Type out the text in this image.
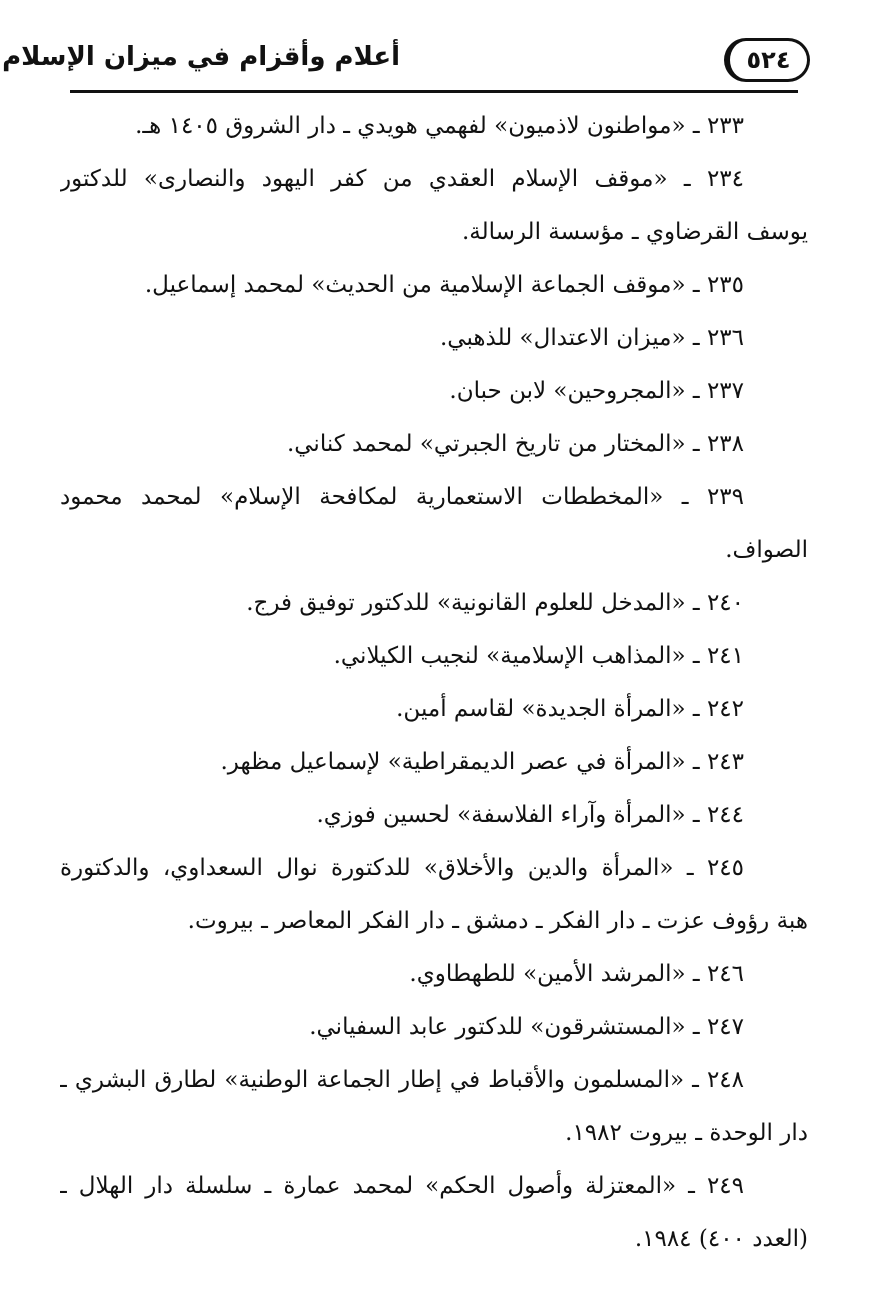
٥٢٤
أعلام وأقزام في ميزان الإسلام
٢٣٣ ـ «مواطنون لاذميون» لفهمي هويدي ـ دار الشروق ١٤٠٥ هـ.
٢٣٤ ـ «موقف الإسلام العقدي من كفر اليهود والنصارى» للدكتور
يوسف القرضاوي ـ مؤسسة الرسالة.
٢٣٥ ـ «موقف الجماعة الإسلامية من الحديث» لمحمد إسماعيل.
٢٣٦ ـ «ميزان الاعتدال» للذهبي.
٢٣٧ ـ «المجروحين» لابن حبان.
٢٣٨ ـ «المختار من تاريخ الجبرتي» لمحمد كناني.
٢٣٩ ـ «المخططات الاستعمارية لمكافحة الإسلام» لمحمد محمود
الصواف.
٢٤٠ ـ «المدخل للعلوم القانونية» للدكتور توفيق فرج.
٢٤١ ـ «المذاهب الإسلامية» لنجيب الكيلاني.
٢٤٢ ـ «المرأة الجديدة» لقاسم أمين.
٢٤٣ ـ «المرأة في عصر الديمقراطية» لإسماعيل مظهر.
٢٤٤ ـ «المرأة وآراء الفلاسفة» لحسين فوزي.
٢٤٥ ـ «المرأة والدين والأخلاق» للدكتورة نوال السعداوي، والدكتورة
هبة رؤوف عزت ـ دار الفكر ـ دمشق ـ دار الفكر المعاصر ـ بيروت.
٢٤٦ ـ «المرشد الأمين» للطهطاوي.
٢٤٧ ـ «المستشرقون» للدكتور عابد السفياني.
٢٤٨ ـ «المسلمون والأقباط في إطار الجماعة الوطنية» لطارق البشري ـ
دار الوحدة ـ بيروت ١٩٨٢.
٢٤٩ ـ «المعتزلة وأصول الحكم» لمحمد عمارة ـ سلسلة دار الهلال ـ
(العدد ٤٠٠) ١٩٨٤.
